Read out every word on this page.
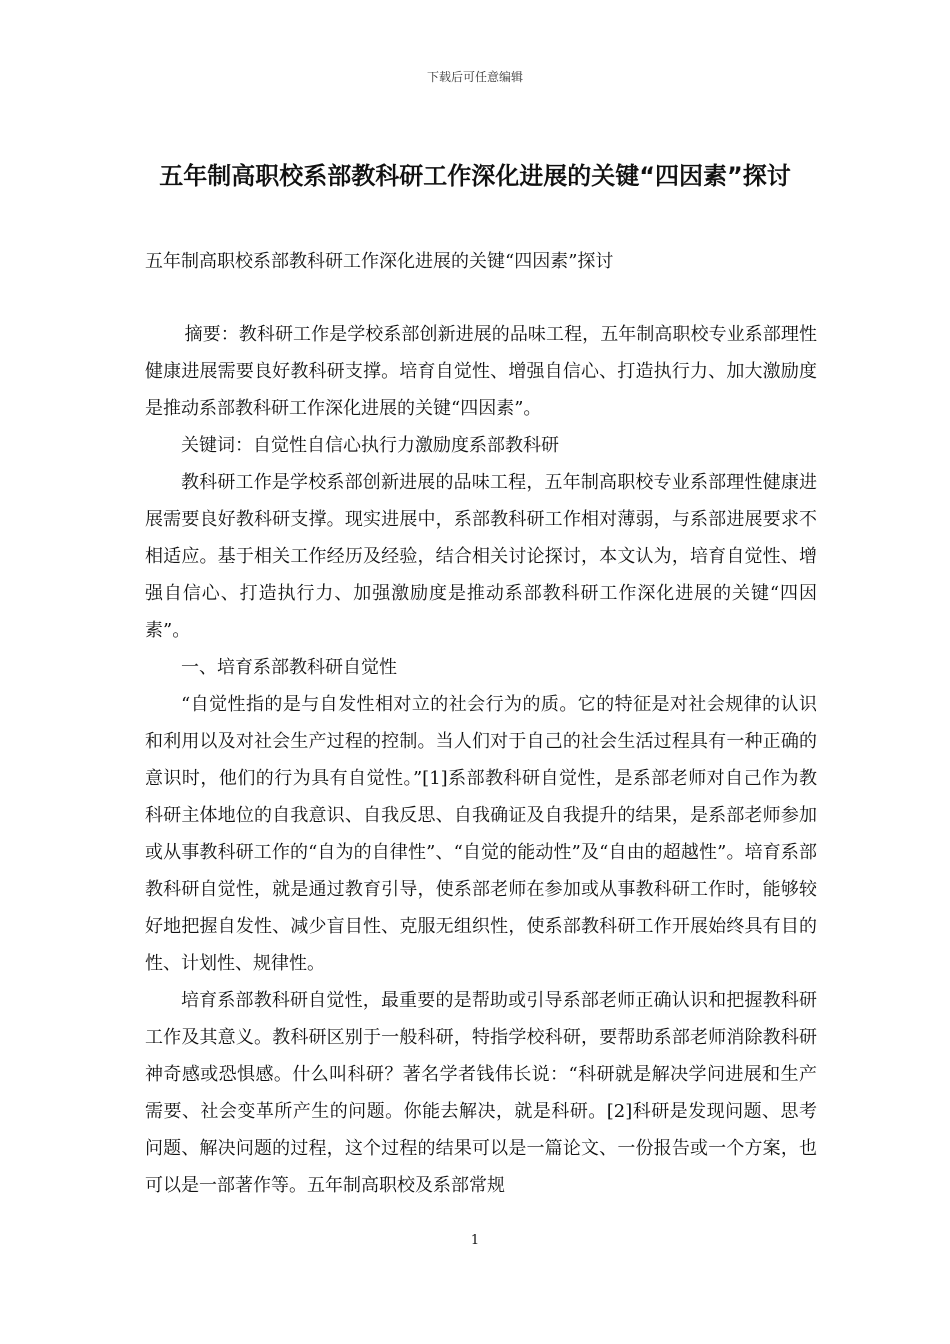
下载后可任意编辑
五年制高职校系部教科研工作深化进展的关键“四因素”探讨

五年制高职校系部教科研工作深化进展的关键“四因素”探讨

摘要：教科研工作是学校系部创新进展的品味工程，五年制高职校专业系部理性健康进展需要良好教科研支撑。培育自觉性、增强自信心、打造执行力、加大激励度是推动系部教科研工作深化进展的关键“四因素”。

关键词：自觉性自信心执行力激励度系部教科研

教科研工作是学校系部创新进展的品味工程，五年制高职校专业系部理性健康进展需要良好教科研支撑。现实进展中，系部教科研工作相对薄弱，与系部进展要求不相适应。基于相关工作经历及经验，结合相关讨论探讨，本文认为，培育自觉性、增强自信心、打造执行力、加强激励度是推动系部教科研工作深化进展的关键“四因素”。

一、培育系部教科研自觉性

“自觉性指的是与自发性相对立的社会行为的质。它的特征是对社会规律的认识和利用以及对社会生产过程的控制。当人们对于自己的社会生活过程具有一种正确的意识时，他们的行为具有自觉性。”[1]系部教科研自觉性，是系部老师对自己作为教科研主体地位的自我意识、自我反思、自我确证及自我提升的结果，是系部老师参加或从事教科研工作的“自为的自律性”、“自觉的能动性”及“自由的超越性”。培育系部教科研自觉性，就是通过教育引导，使系部老师在参加或从事教科研工作时，能够较好地把握自发性、减少盲目性、克服无组织性，使系部教科研工作开展始终具有目的性、计划性、规律性。

培育系部教科研自觉性，最重要的是帮助或引导系部老师正确认识和把握教科研工作及其意义。教科研区别于一般科研，特指学校科研，要帮助系部老师消除教科研神奇感或恐惧感。什么叫科研？著名学者钱伟长说：“科研就是解决学问进展和生产需要、社会变革所产生的问题。你能去解决，就是科研。[2]科研是发现问题、思考问题、解决问题的过程，这个过程的结果可以是一篇论文、一份报告或一个方案，也可以是一部著作等。五年制高职校及系部常规

1
